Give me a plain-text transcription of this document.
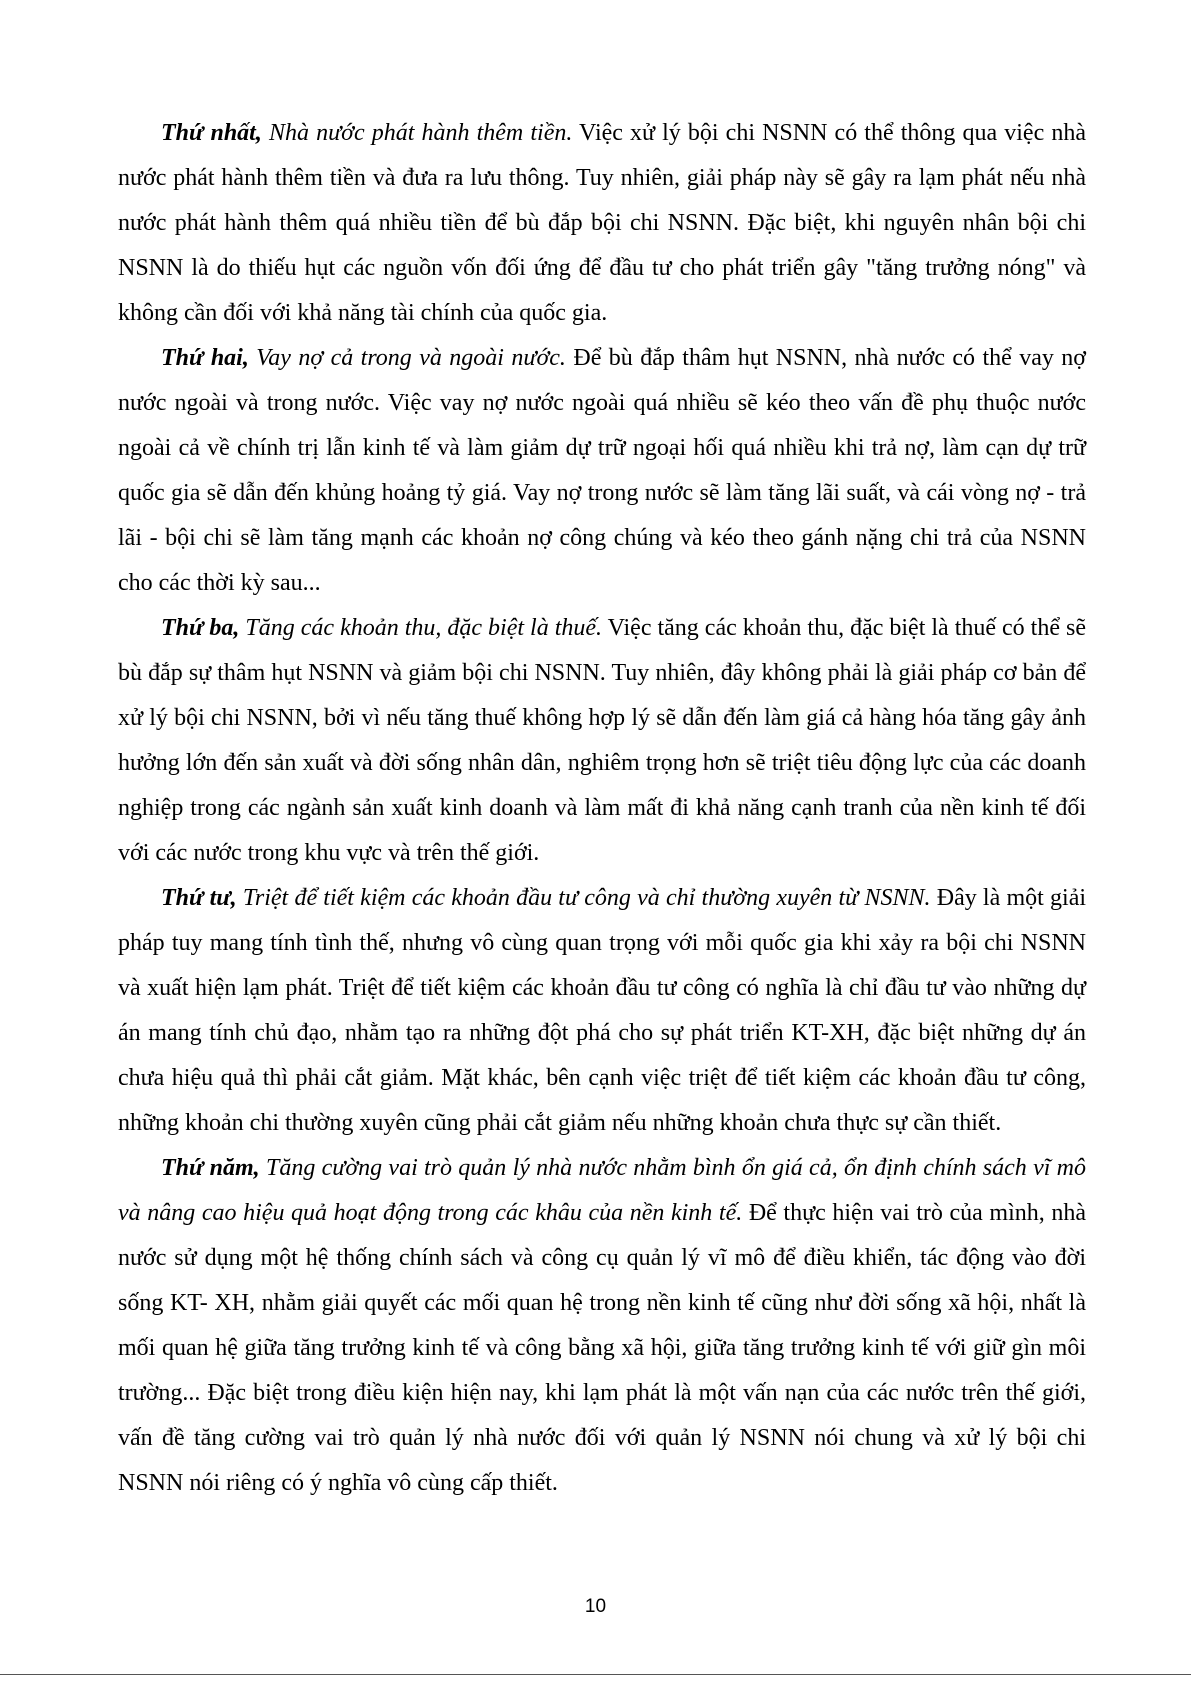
Thứ nhất, Nhà nước phát hành thêm tiền. Việc xử lý bội chi NSNN có thể thông qua việc nhà nước phát hành thêm tiền và đưa ra lưu thông. Tuy nhiên, giải pháp này sẽ gây ra lạm phát nếu nhà nước phát hành thêm quá nhiều tiền để bù đắp bội chi NSNN. Đặc biệt, khi nguyên nhân bội chi NSNN là do thiếu hụt các nguồn vốn đối ứng để đầu tư cho phát triển gây "tăng trưởng nóng" và không cần đối với khả năng tài chính của quốc gia.

Thứ hai, Vay nợ cả trong và ngoài nước. Để bù đắp thâm hụt NSNN, nhà nước có thể vay nợ nước ngoài và trong nước. Việc vay nợ nước ngoài quá nhiều sẽ kéo theo vấn đề phụ thuộc nước ngoài cả về chính trị lẫn kinh tế và làm giảm dự trữ ngoại hối quá nhiều khi trả nợ, làm cạn dự trữ quốc gia sẽ dẫn đến khủng hoảng tỷ giá. Vay nợ trong nước sẽ làm tăng lãi suất, và cái vòng nợ - trả lãi - bội chi sẽ làm tăng mạnh các khoản nợ công chúng và kéo theo gánh nặng chi trả của NSNN cho các thời kỳ sau...

Thứ ba, Tăng các khoản thu, đặc biệt là thuế. Việc tăng các khoản thu, đặc biệt là thuế có thể sẽ bù đắp sự thâm hụt NSNN và giảm bội chi NSNN. Tuy nhiên, đây không phải là giải pháp cơ bản để xử lý bội chi NSNN, bởi vì nếu tăng thuế không hợp lý sẽ dẫn đến làm giá cả hàng hóa tăng gây ảnh hưởng lớn đến sản xuất và đời sống nhân dân, nghiêm trọng hơn sẽ triệt tiêu động lực của các doanh nghiệp trong các ngành sản xuất kinh doanh và làm mất đi khả năng cạnh tranh của nền kinh tế đối với các nước trong khu vực và trên thế giới.

Thứ tư, Triệt để tiết kiệm các khoản đầu tư công và chỉ thường xuyên từ NSNN. Đây là một giải pháp tuy mang tính tình thế, nhưng vô cùng quan trọng với mỗi quốc gia khi xảy ra bội chi NSNN và xuất hiện lạm phát. Triệt để tiết kiệm các khoản đầu tư công có nghĩa là chỉ đầu tư vào những dự án mang tính chủ đạo, nhằm tạo ra những đột phá cho sự phát triển KT-XH, đặc biệt những dự án chưa hiệu quả thì phải cắt giảm. Mặt khác, bên cạnh việc triệt để tiết kiệm các khoản đầu tư công, những khoản chi thường xuyên cũng phải cắt giảm nếu những khoản chưa thực sự cần thiết.

Thứ năm, Tăng cường vai trò quản lý nhà nước nhằm bình ổn giá cả, ổn định chính sách vĩ mô và nâng cao hiệu quả hoạt động trong các khâu của nền kinh tế. Để thực hiện vai trò của mình, nhà nước sử dụng một hệ thống chính sách và công cụ quản lý vĩ mô để điều khiển, tác động vào đời sống KT- XH, nhằm giải quyết các mối quan hệ trong nền kinh tế cũng như đời sống xã hội, nhất là mối quan hệ giữa tăng trưởng kinh tế và công bằng xã hội, giữa tăng trưởng kinh tế với giữ gìn môi trường... Đặc biệt trong điều kiện hiện nay, khi lạm phát là một vấn nạn của các nước trên thế giới, vấn đề tăng cường vai trò quản lý nhà nước đối với quản lý NSNN nói chung và xử lý bội chi NSNN nói riêng có ý nghĩa vô cùng cấp thiết.

10
